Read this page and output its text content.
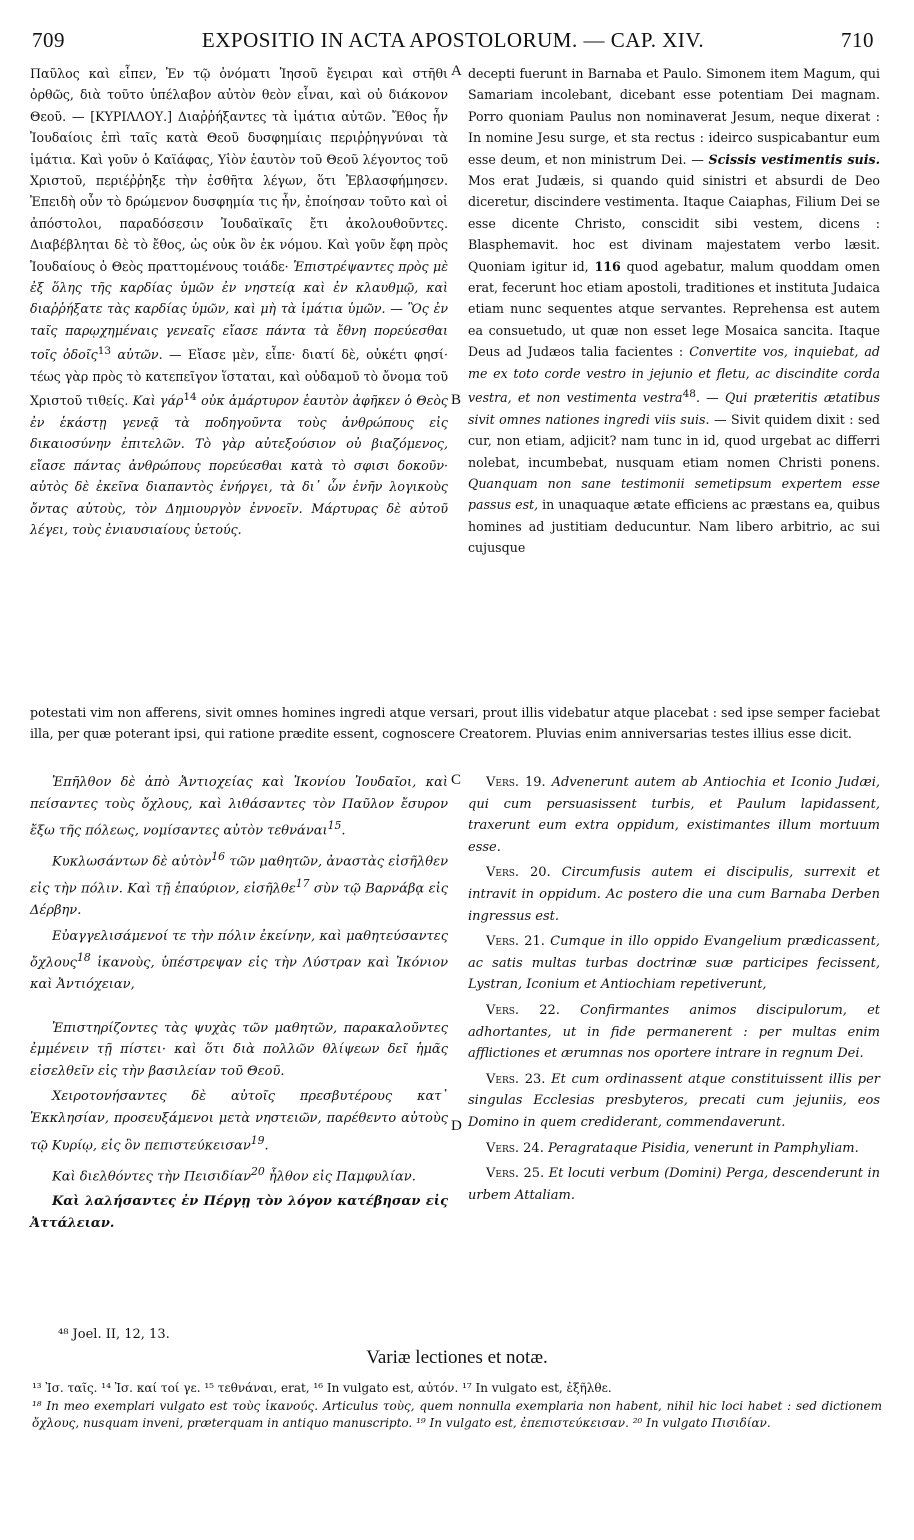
709	EXPOSITIO IN ACTA APOSTOLORUM. — CAP. XIV.	710
A
B
C
D

Παῦλος καὶ εἶπεν, Ἐν τῷ ὀνόματι Ἰησοῦ ἔγειραι καὶ στῆθι ὀρθῶς, διὰ τοῦτο ὑπέλαβον αὐτὸν θεὸν εἶναι, καὶ οὐ διάκονον Θεοῦ. — [ΚΥΡΙΛΛΟΥ.] Διαῤῥήξαντες τὰ ἱμάτια αὐτῶν. Ἔθος ἦν Ἰουδαίοις ἐπὶ ταῖς κατὰ Θεοῦ δυσφημίαις περιῤῥηγνύναι τὰ ἱμάτια. Καὶ γοῦν ὁ Καϊάφας, Υἱὸν ἑαυτὸν τοῦ Θεοῦ λέγοντος τοῦ Χριστοῦ, περιέῤῥηξε τὴν ἐσθῆτα λέγων, ὅτι Ἐβλασφήμησεν. Ἐπειδὴ οὖν τὸ δρώμενον δυσφημία τις ἦν, ἐποίησαν τοῦτο καὶ οἱ ἀπόστολοι, παραδόσεσιν Ἰουδαϊκαῖς ἔτι ἀκολουθοῦντες. Διαβέβληται δὲ τὸ ἔθος, ὡς οὐκ ὂν ἐκ νόμου. Καὶ γοῦν ἔφη πρὸς Ἰουδαίους ὁ Θεὸς πραττομένους τοιάδε· Ἐπιστρέψαντες πρὸς μὲ ἐξ ὅλης τῆς καρδίας ὑμῶν ἐν νηστείᾳ καὶ ἐν κλαυθμῷ, καὶ διαῤῥήξατε τὰς καρδίας ὑμῶν, καὶ μὴ τὰ ἱμάτια ὑμῶν. — Ὃς ἐν ταῖς παρῳχημέναις γενεαῖς εἴασε πάντα τὰ ἔθνη πορεύεσθαι τοῖς ὁδοῖς$^{13}$ αὐτῶν. — Εἴασε μὲν, εἶπε· διατί δὲ, οὐκέτι φησί· τέως γὰρ πρὸς τὸ κατεπεῖγον ἵσταται, καὶ οὐδαμοῦ τὸ ὄνομα τοῦ Χριστοῦ τιθείς. Καὶ γάρ$^{14}$ οὐκ ἀμάρτυρον ἑαυτὸν ἀφῆκεν ὁ Θεὸς ἐν ἑκάστῃ γενεᾷ τὰ ποδηγοῦντα τοὺς ἀνθρώπους εἰς δικαιοσύνην ἐπιτελῶν. Τὸ γὰρ αὐτεξούσιον οὐ βιαζόμενος, εἴασε πάντας ἀνθρώπους πορεύεσθαι κατὰ τὸ σφισι δοκοῦν· αὐτὸς δὲ ἐκεῖνα διαπαντὸς ἐνήργει, τὰ δι᾽ ὧν ἐνῆν λογικοὺς ὄντας αὐτοὺς, τὸν Δημιουργὸν ἐννοεῖν. Μάρτυρας δὲ αὐτοῦ λέγει, τοὺς ἐνιαυσιαίους ὑετούς.

decepti fuerunt in Barnaba et Paulo. Simonem item Magum, qui Samariam incolebant, dicebant esse potentiam Dei magnam. Porro quoniam Paulus non nominaverat Jesum, neque dixerat : In nomine Jesu surge, et sta rectus : ideirco suspicabantur eum esse deum, et non ministrum Dei. — Scissis vestimentis suis. Mos erat Judæis, si quando quid sinistri et absurdi de Deo diceretur, discindere vestimenta. Itaque Caiaphas, Filium Dei se esse dicente Christo, conscidit sibi vestem, dicens : Blasphemavit. hoc est divinam majestatem verbo læsit. Quoniam igitur id, 116 quod agebatur, malum quoddam omen erat, fecerunt hoc etiam apostoli, traditiones et instituta Judaica etiam nunc sequentes atque servantes. Reprehensa est autem ea consuetudo, ut quæ non esset lege Mosaica sancita. Itaque Deus ad Judæos talia facientes : Convertite vos, inquiebat, ad me ex toto corde vestro in jejunio et fletu, ac discindite corda vestra, et non vestimenta vestra$^{48}$. — Qui præteritis ætatibus sivit omnes nationes ingredi viis suis. — Sivit quidem dixit : sed cur, non etiam, adjicit? nam tunc in id, quod urgebat ac differri nolebat, incumbebat, nusquam etiam nomen Christi ponens. Quanquam non sane testimonii semetipsum expertem esse passus est, in unaquaque ætate efficiens ac præstans ea, quibus homines ad justitiam deducuntur. Nam libero arbitrio, ac sui cujusque

potestati vim non afferens, sivit omnes homines ingredi atque versari, prout illis videbatur atque placebat : sed ipse semper faciebat illa, per quæ poterant ipsi, qui ratione prædite essent, cognoscere Creatorem. Pluvias enim anniversarias testes illius esse dicit.

Ἐπῆλθον δὲ ἀπὸ Ἀντιοχείας καὶ Ἰκονίου Ἰουδαῖοι, καὶ πείσαντες τοὺς ὄχλους, καὶ λιθάσαντες τὸν Παῦλον ἔσυρον ἔξω τῆς πόλεως, νομίσαντες αὐτὸν τεθνάναι$^{15}$.

Κυκλωσάντων δὲ αὐτὸν$^{16}$ τῶν μαθητῶν, ἀναστὰς εἰσῆλθεν εἰς τὴν πόλιν. Καὶ τῇ ἐπαύριον, εἰσῆλθε$^{17}$ σὺν τῷ Βαρνάβᾳ εἰς Δέρβην.

Εὐαγγελισάμενοί τε τὴν πόλιν ἐκείνην, καὶ μαθητεύσαντες ὄχλους$^{18}$ ἱκανοὺς, ὑπέστρεψαν εἰς τὴν Λύστραν καὶ Ἰκόνιον καὶ Ἀντιόχειαν,

Ἐπιστηρίζοντες τὰς ψυχὰς τῶν μαθητῶν, παρακαλοῦντες ἐμμένειν τῇ πίστει· καὶ ὅτι διὰ πολλῶν θλίψεων δεῖ ἡμᾶς εἰσελθεῖν εἰς τὴν βασιλείαν τοῦ Θεοῦ.

Χειροτονήσαντες δὲ αὐτοῖς πρεσβυτέρους κατ᾽ Ἐκκλησίαν, προσευξάμενοι μετὰ νηστειῶν, παρέθεντο αὐτοὺς τῷ Κυρίῳ, εἰς ὃν πεπιστεύκεισαν$^{19}$.

Καὶ διελθόντες τὴν Πεισιδίαν$^{20}$ ἦλθον εἰς Παμφυλίαν.

Καὶ λαλήσαντες ἐν Πέργῃ τὸν λόγον κατέβησαν εἰς Ἀττάλειαν.

Vers. 19. Advenerunt autem ab Antiochia et Iconio Judæi, qui cum persuasissent turbis, et Paulum lapidassent, traxerunt eum extra oppidum, existimantes illum mortuum esse.

Vers. 20. Circumfusis autem ei discipulis, surrexit et intravit in oppidum. Ac postero die una cum Barnaba Derben ingressus est.

Vers. 21. Cumque in illo oppido Evangelium prædicassent, ac satis multas turbas doctrinæ suæ participes fecissent, Lystran, Iconium et Antiochiam repetiverunt,

Vers. 22. Confirmantes animos discipulorum, et adhortantes, ut in fide permanerent : per multas enim afflictiones et ærumnas nos oportere intrare in regnum Dei.

Vers. 23. Et cum ordinassent atque constituissent illis per singulas Ecclesias presbyteros, precati cum jejuniis, eos Domino in quem crediderant, commendaverunt.

Vers. 24. Peragrataque Pisidia, venerunt in Pamphyliam.

Vers. 25. Et locuti verbum (Domini) Perga, descenderunt in urbem Attaliam.

⁴⁸ Joel. II, 12, 13.
Variæ lectiones et notæ.

¹³ Ἰσ. ταῖς. ¹⁴ Ἰσ. καί τοί γε. ¹⁵ τεθνάναι, erat, ¹⁶ In vulgato est, αὐτόν. ¹⁷ In vulgato est, ἐξῆλθε.

¹⁸ In meo exemplari vulgato est τοὺς ἱκανούς. Articulus τοὺς, quem nonnulla exemplaria non habent, nihil hic loci habet : sed dictionem ὄχλους, nusquam inveni, præterquam in antiquo manuscripto. ¹⁹ In vulgato est, ἐπεπιστεύκεισαν. ²⁰ In vulgato Πισιδίαν.
